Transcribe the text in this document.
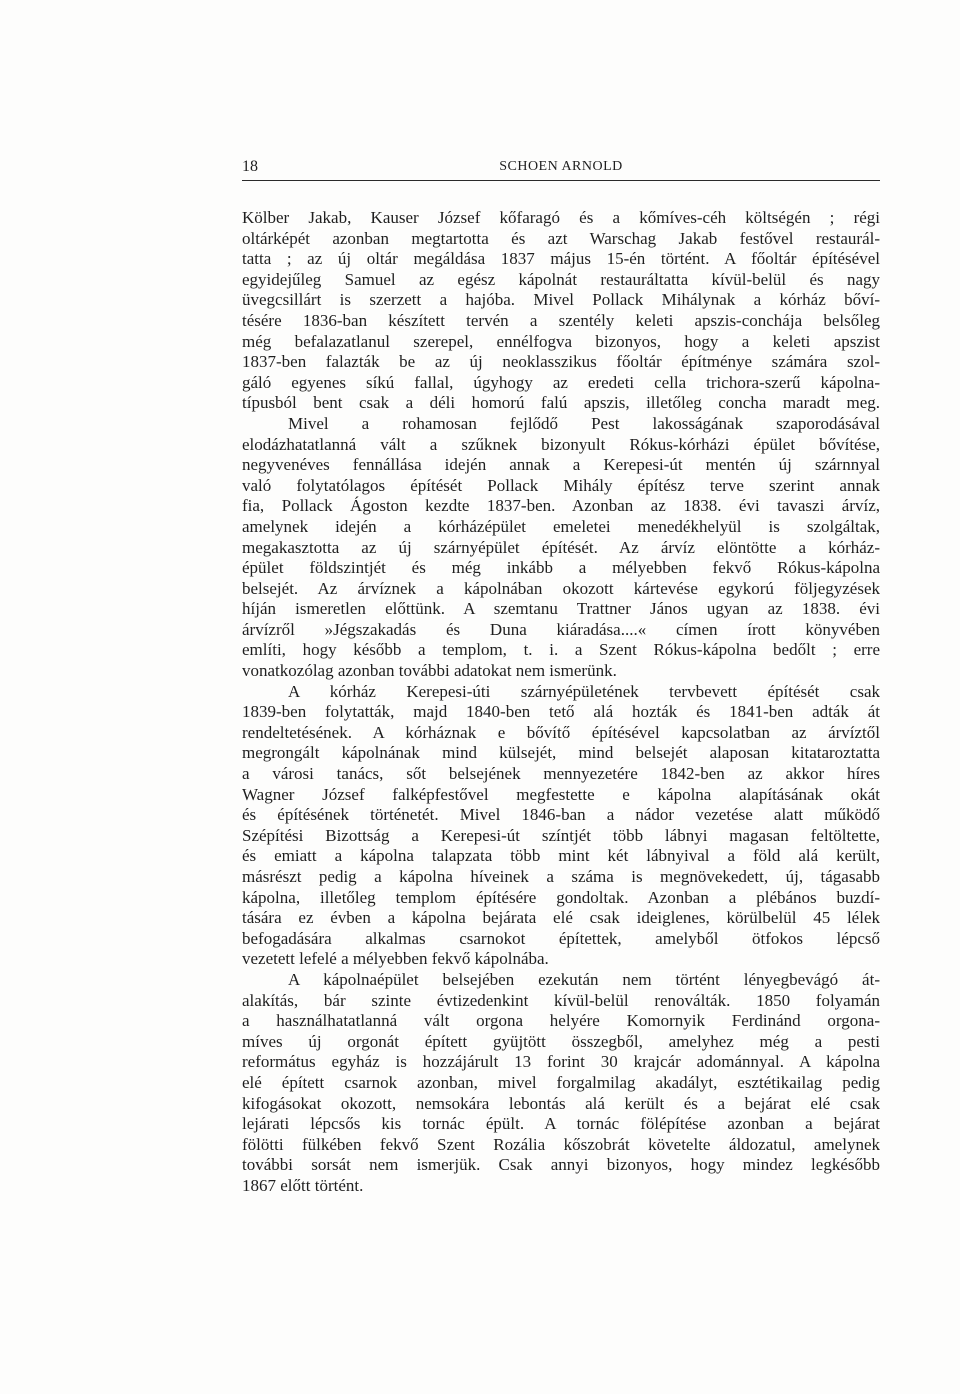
18	SCHOEN ARNOLD
Kölber Jakab, Kauser József kőfaragó és a kőmíves-céh költségén ; régi
oltárképét azonban megtartotta és azt Warschag Jakab festővel restaurál-
tatta ; az új oltár megáldása 1837 május 15-én történt. A főoltár építésével
egyidejűleg Samuel az egész kápolnát restauráltatta kívül-belül és nagy
üvegcsillárt is szerzett a hajóba. Mivel Pollack Mihálynak a kórház bőví-
tésére 1836-ban készített tervén a szentély keleti apszis-conchája belsőleg
még befalazatlanul szerepel, ennélfogva bizonyos, hogy a keleti apszist
1837-ben falazták be az új neoklasszikus főoltár építménye számára szol-
gáló egyenes síkú fallal, úgyhogy az eredeti cella trichora-szerű kápolna-
típusból bent csak a déli homorú falú apszis, illetőleg concha maradt meg.
Mivel a rohamosan fejlődő Pest lakosságának szaporodásával
elodázhatatlanná vált a szűknek bizonyult Rókus-kórházi épület bővítése,
negyvenéves fennállása idején annak a Kerepesi-út mentén új szárnnyal
való folytatólagos építését Pollack Mihály építész terve szerint annak
fia, Pollack Ágoston kezdte 1837-ben. Azonban az 1838. évi tavaszi árvíz,
amelynek idején a kórházépület emeletei menedékhelyül is szolgáltak,
megakasztotta az új szárnyépület építését. Az árvíz elöntötte a kórház-
épület földszintjét és még inkább a mélyebben fekvő Rókus-kápolna
belsejét. Az árvíznek a kápolnában okozott kártevése egykorú följegyzések
híján ismeretlen előttünk. A szemtanu Trattner János ugyan az 1838. évi
árvízről »Jégszakadás és Duna kiáradása....« címen írott könyvében
említi, hogy később a templom, t. i. a Szent Rókus-kápolna bedőlt ; erre
vonatkozólag azonban további adatokat nem ismerünk.
A kórház Kerepesi-úti szárnyépületének tervbevett építését csak
1839-ben folytatták, majd 1840-ben tető alá hozták és 1841-ben adták át
rendeltetésének. A kórháznak e bővítő építésével kapcsolatban az árvíztől
megrongált kápolnának mind külsejét, mind belsejét alaposan kitataroztatta
a városi tanács, sőt belsejének mennyezetére 1842-ben az akkor híres
Wagner József falképfestővel megfestette e kápolna alapításának okát
és építésének történetét. Mivel 1846-ban a nádor vezetése alatt működő
Szépítési Bizottság a Kerepesi-út színtjét több lábnyi magasan feltöltette,
és emiatt a kápolna talapzata több mint két lábnyival a föld alá került,
másrészt pedig a kápolna híveinek a száma is megnövekedett, új, tágasabb
kápolna, illetőleg templom építésére gondoltak. Azonban a plébános buzdí-
tására ez évben a kápolna bejárata elé csak ideiglenes, körülbelül 45 lélek
befogadására alkalmas csarnokot építettek, amelyből ötfokos lépcső
vezetett lefelé a mélyebben fekvő kápolnába.
A kápolnaépület belsejében ezekután nem történt lényegbevágó át-
alakítás, bár szinte évtizedenkint kívül-belül renoválták. 1850 folyamán
a használhatatlanná vált orgona helyére Komornyik Ferdinánd orgona-
míves új orgonát épített gyüjtött összegből, amelyhez még a pesti
református egyház is hozzájárult 13 forint 30 krajcár adománnyal. A kápolna
elé épített csarnok azonban, mivel forgalmilag akadályt, esztétikailag pedig
kifogásokat okozott, nemsokára lebontás alá került és a bejárat elé csak
lejárati lépcsős kis tornác épült. A tornác fölépítése azonban a bejárat
fölötti fülkében fekvő Szent Rozália kőszobrát követelte áldozatul, amelynek
további sorsát nem ismerjük. Csak annyi bizonyos, hogy mindez legkésőbb
1867 előtt történt.
